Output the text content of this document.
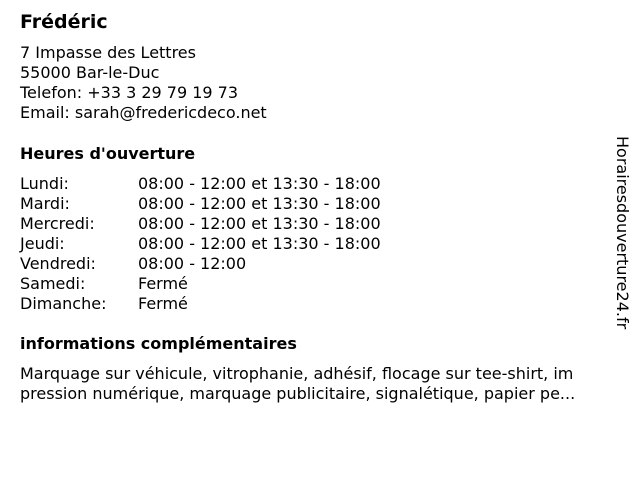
Frédéric
7 Impasse des Lettres
55000 Bar-le-Duc
Telefon: +33 3 29 79 19 73
Email: sarah@fredericdeco.net
Heures d'ouverture
Lundi:	08:00 - 12:00 et 13:30 - 18:00
Mardi:	08:00 - 12:00 et 13:30 - 18:00
Mercredi:	08:00 - 12:00 et 13:30 - 18:00
Jeudi:	08:00 - 12:00 et 13:30 - 18:00
Vendredi:	08:00 - 12:00
Samedi:	Fermé
Dimanche: Fermé
informations complémentaires
Marquage sur véhicule, vitrophanie, adhésif, flocage sur tee-shirt, im
pression numérique, marquage publicitaire, signalétique, papier pe...
Horairesdouverture24.fr
